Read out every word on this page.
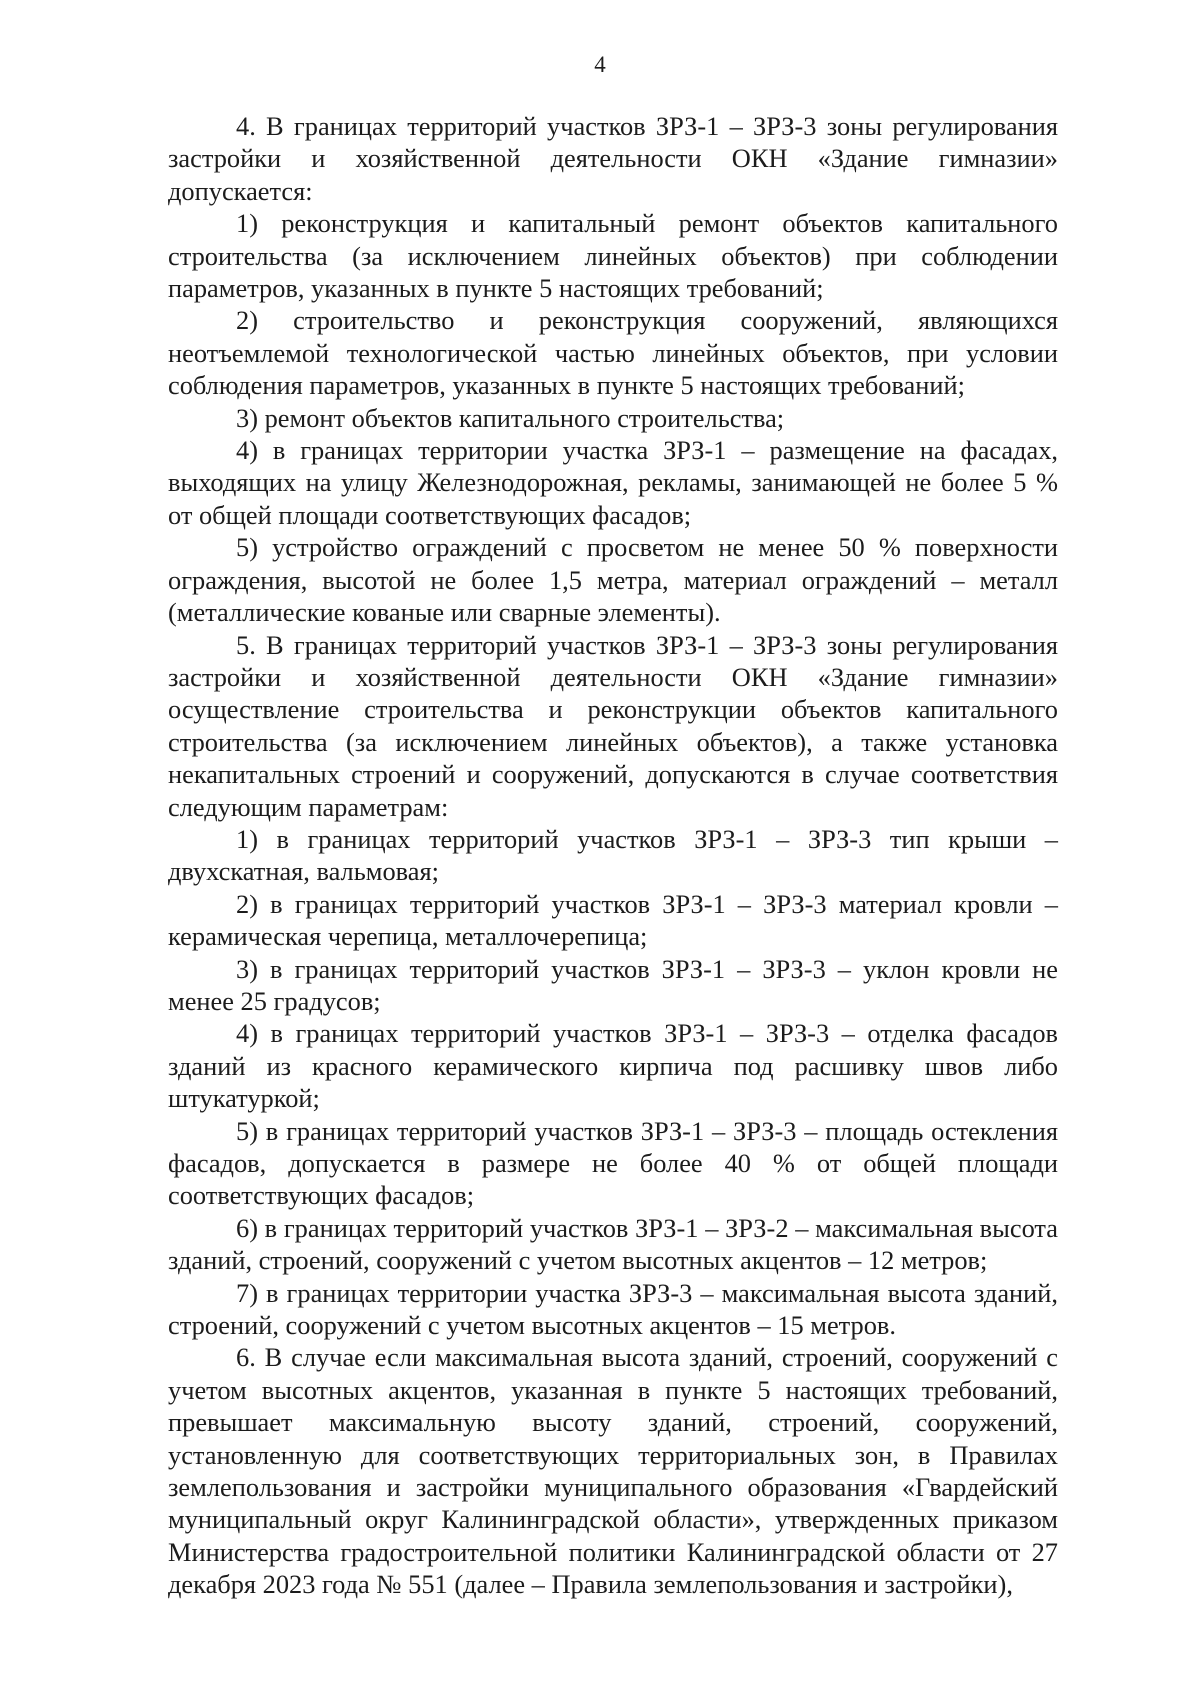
4

4. В границах территорий участков ЗРЗ-1 – ЗРЗ-3 зоны регулирования застройки и хозяйственной деятельности ОКН «Здание гимназии» допускается:

1) реконструкция и капитальный ремонт объектов капитального строительства (за исключением линейных объектов) при соблюдении параметров, указанных в пункте 5 настоящих требований;

2) строительство и реконструкция сооружений, являющихся неотъемлемой технологической частью линейных объектов, при условии соблюдения параметров, указанных в пункте 5 настоящих требований;

3) ремонт объектов капитального строительства;

4) в границах территории участка ЗРЗ-1 – размещение на фасадах, выходящих на улицу Железнодорожная, рекламы, занимающей не более 5 % от общей площади соответствующих фасадов;

5) устройство ограждений с просветом не менее 50 % поверхности ограждения, высотой не более 1,5 метра, материал ограждений – металл (металлические кованые или сварные элементы).

5. В границах территорий участков ЗРЗ-1 – ЗРЗ-3 зоны регулирования застройки и хозяйственной деятельности ОКН «Здание гимназии» осуществление строительства и реконструкции объектов капитального строительства (за исключением линейных объектов), а также установка некапитальных строений и сооружений, допускаются в случае соответствия следующим параметрам:

1) в границах территорий участков ЗРЗ-1 – ЗРЗ-3 тип крыши – двухскатная, вальмовая;

2) в границах территорий участков ЗРЗ-1 – ЗРЗ-3 материал кровли – керамическая черепица, металлочерепица;

3) в границах территорий участков ЗРЗ-1 – ЗРЗ-3 – уклон кровли не менее 25 градусов;

4) в границах территорий участков ЗРЗ-1 – ЗРЗ-3 – отделка фасадов зданий из красного керамического кирпича под расшивку швов либо штукатуркой;

5) в границах территорий участков ЗРЗ-1 – ЗРЗ-3 – площадь остекления фасадов, допускается в размере не более 40 % от общей площади соответствующих фасадов;

6) в границах территорий участков ЗРЗ-1 – ЗРЗ-2 – максимальная высота зданий, строений, сооружений с учетом высотных акцентов – 12 метров;

7) в границах территории участка ЗРЗ-3 – максимальная высота зданий, строений, сооружений с учетом высотных акцентов – 15 метров.

6. В случае если максимальная высота зданий, строений, сооружений с учетом высотных акцентов, указанная в пункте 5 настоящих требований, превышает максимальную высоту зданий, строений, сооружений, установленную для соответствующих территориальных зон, в Правилах землепользования и застройки муниципального образования «Гвардейский муниципальный округ Калининградской области», утвержденных приказом Министерства градостроительной политики Калининградской области от 27 декабря 2023 года № 551 (далее – Правила землепользования и застройки),
